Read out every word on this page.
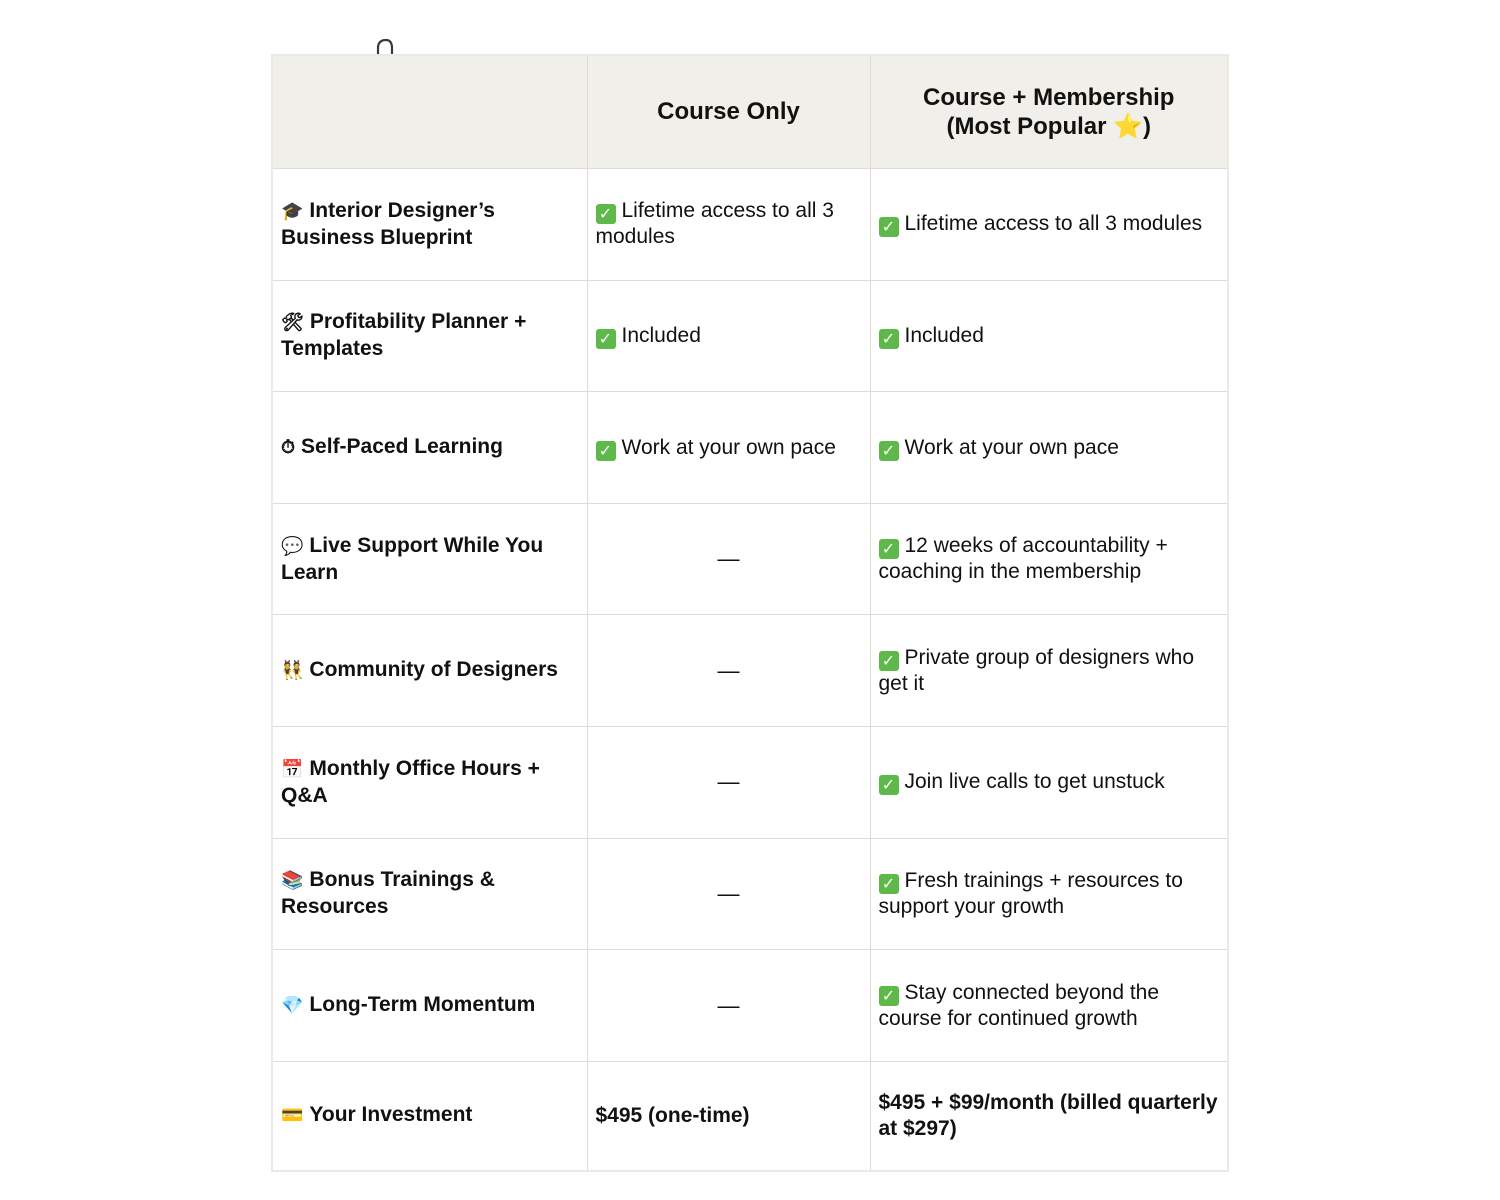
	Course Only	Course + Membership
(Most Popular ⭐)
🎓 Interior Designer’s Business Blueprint	✓ Lifetime access to all 3 modules	✓ Lifetime access to all 3 modules
🛠 Profitability Planner + Templates	✓ Included	✓ Included
⏱ Self-Paced Learning	✓ Work at your own pace	✓ Work at your own pace
💬 Live Support While You Learn	—	✓ 12 weeks of accountability + coaching in the membership
👯 Community of Designers	—	✓ Private group of designers who get it
📅 Monthly Office Hours + Q&A	—	✓ Join live calls to get unstuck
📚 Bonus Trainings & Resources	—	✓ Fresh trainings + resources to support your growth
💎 Long-Term Momentum	—	✓ Stay connected beyond the course for continued growth
💳 Your Investment	$495 (one-time)	$495 + $99/month (billed quarterly at $297)
